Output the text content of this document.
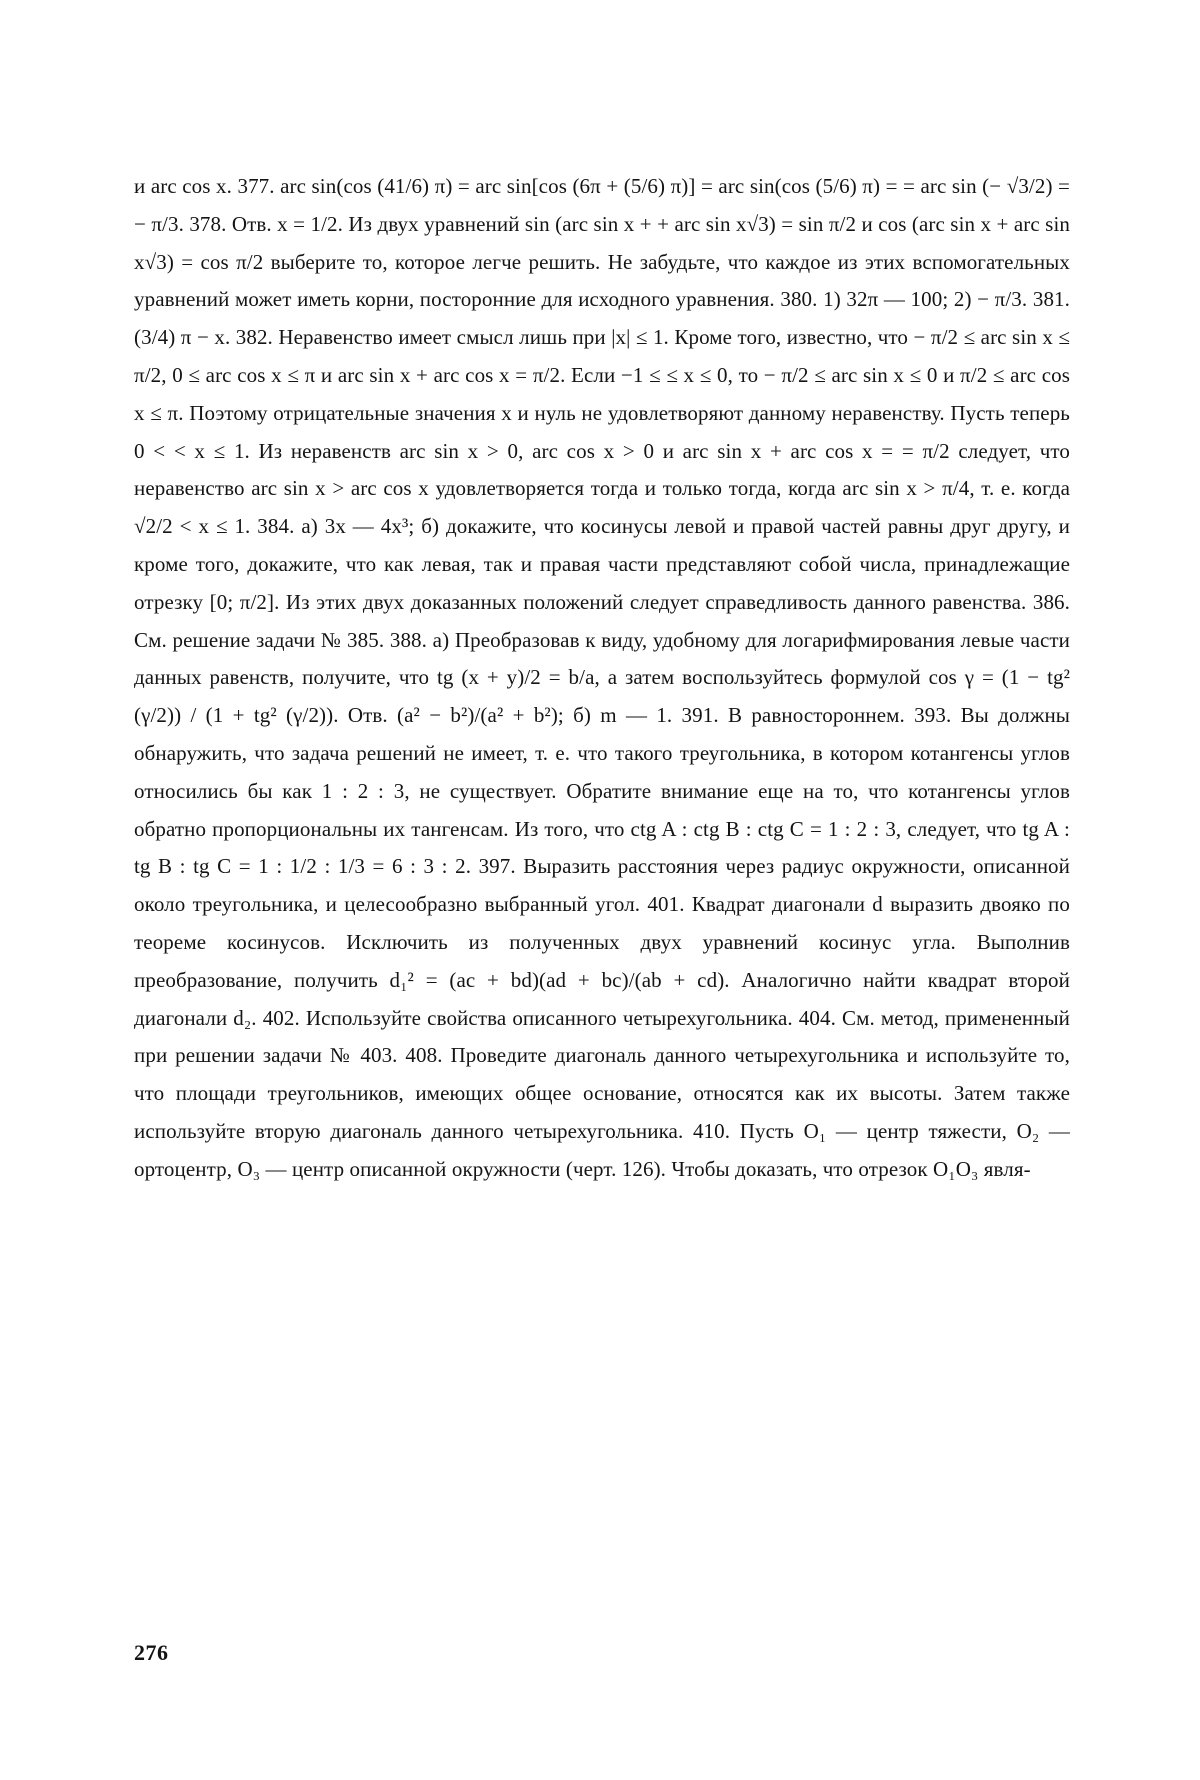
и arc cos x. 377. arc sin(cos (41/6) π) = arc sin[cos (6π + (5/6) π)] = arc sin(cos (5/6) π) = = arc sin (− √3/2) = − π/3. 378. Отв. x = 1/2. Из двух уравнений sin (arc sin x + + arc sin x√3) = sin π/2 и cos (arc sin x + arc sin x√3) = cos π/2 выберите то, которое легче решить. Не забудьте, что каждое из этих вспомогательных уравнений может иметь корни, посторонние для исходного уравнения. 380. 1) 32π — 100; 2) − π/3. 381. (3/4) π − x. 382. Неравенство имеет смысл лишь при |x| ≤ 1. Кроме того, известно, что − π/2 ≤ arc sin x ≤ π/2, 0 ≤ arc cos x ≤ π и arc sin x + arc cos x = π/2. Если −1 ≤ ≤ x ≤ 0, то − π/2 ≤ arc sin x ≤ 0 и π/2 ≤ arc cos x ≤ π. Поэтому отрицательные значения x и нуль не удовлетворяют данному неравенству. Пусть теперь 0 < < x ≤ 1. Из неравенств arc sin x > 0, arc cos x > 0 и arc sin x + arc cos x = = π/2 следует, что неравенство arc sin x > arc cos x удовлетворяется тогда и только тогда, когда arc sin x > π/4, т. е. когда √2/2 < x ≤ 1. 384. а) 3x — 4x³; б) докажите, что косинусы левой и правой частей равны друг другу, и кроме того, докажите, что как левая, так и правая части представляют собой числа, принадлежащие отрезку [0; π/2]. Из этих двух доказанных положений следует справедливость данного равенства. 386. См. решение задачи № 385. 388. а) Преобразовав к виду, удобному для логарифмирования левые части данных равенств, получите, что tg (x + y)/2 = b/a, а затем воспользуйтесь формулой cos γ = (1 − tg² (γ/2)) / (1 + tg² (γ/2)). Отв. (a² − b²)/(a² + b²); б) m — 1. 391. В равностороннем. 393. Вы должны обнаружить, что задача решений не имеет, т. е. что такого треугольника, в котором котангенсы углов относились бы как 1 : 2 : 3, не существует. Обратите внимание еще на то, что котангенсы углов обратно пропорциональны их тангенсам. Из того, что ctg A : ctg B : ctg C = 1 : 2 : 3, следует, что tg A : tg B : tg C = 1 : 1/2 : 1/3 = 6 : 3 : 2. 397. Выразить расстояния через радиус окружности, описанной около треугольника, и целесообразно выбранный угол. 401. Квадрат диагонали d выразить двояко по теореме косинусов. Исключить из полученных двух уравнений косинус угла. Выполнив преобразование, получить d₁² = (ac + bd)(ad + bc)/(ab + cd). Аналогично найти квадрат второй диагонали d₂. 402. Используйте свойства описанного четырехугольника. 404. См. метод, примененный при решении задачи № 403. 408. Проведите диагональ данного четырехугольника и используйте то, что площади треугольников, имеющих общее основание, относятся как их высоты. Затем также используйте вторую диагональ данного четырехугольника. 410. Пусть O₁ — центр тяжести, O₂ — ортоцентр, O₃ — центр описанной окружности (черт. 126). Чтобы доказать, что отрезок O₁O₃ явля-

276
